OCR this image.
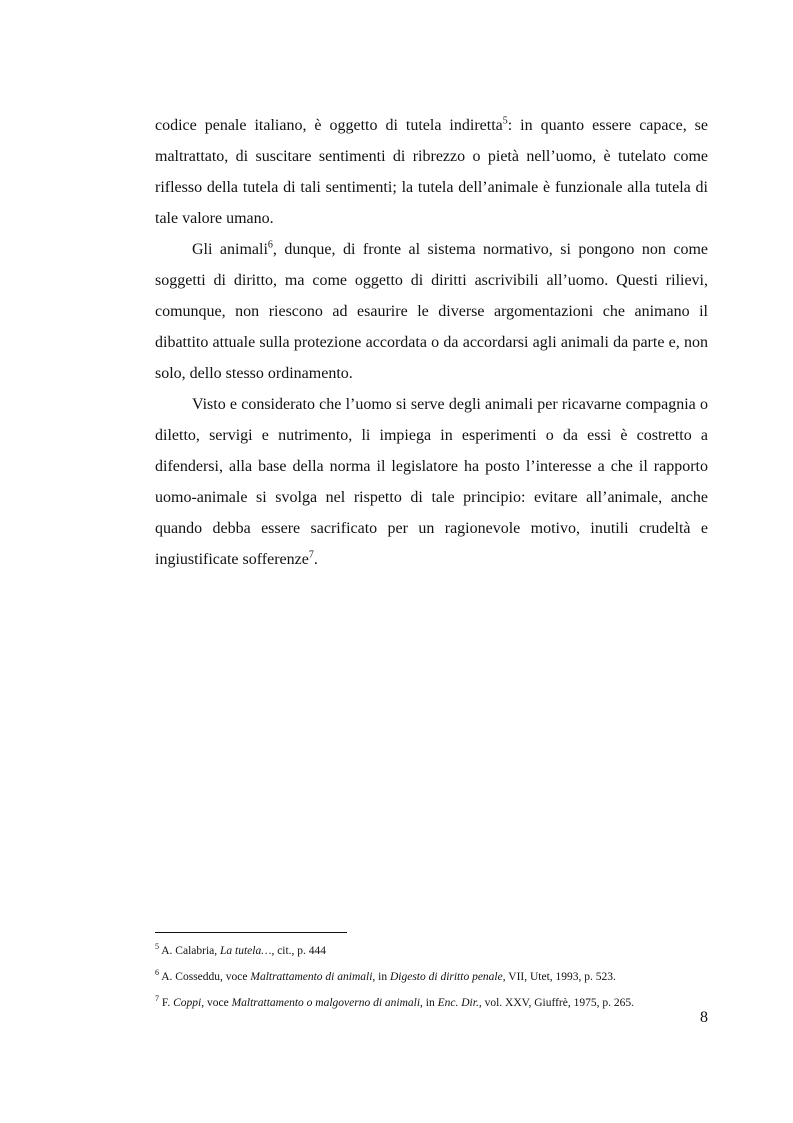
codice penale italiano, è oggetto di tutela indiretta$^5$: in quanto essere capace, se maltrattato, di suscitare sentimenti di ribrezzo o pietà nell’uomo, è tutelato come riflesso della tutela di tali sentimenti; la tutela dell’animale è funzionale alla tutela di tale valore umano.

Gli animali$^6$, dunque, di fronte al sistema normativo, si pongono non come soggetti di diritto, ma come oggetto di diritti ascrivibili all’uomo. Questi rilievi, comunque, non riescono ad esaurire le diverse argomentazioni che animano il dibattito attuale sulla protezione accordata o da accordarsi agli animali da parte e, non solo, dello stesso ordinamento.

Visto e considerato che l’uomo si serve degli animali per ricavarne compagnia o diletto, servigi e nutrimento, li impiega in esperimenti o da essi è costretto a difendersi, alla base della norma il legislatore ha posto l’interesse a che il rapporto uomo-animale si svolga nel rispetto di tale principio: evitare all’animale, anche quando debba essere sacrificato per un ragionevole motivo, inutili crudeltà e ingiustificate sofferenze$^7$.

$^5$ A. Calabria, La tutela…, cit., p. 444

$^6$ A. Cosseddu, voce Maltrattamento di animali, in Digesto di diritto penale, VII, Utet, 1993, p. 523.

$^7$ F. Coppi, voce Maltrattamento o malgoverno di animali, in Enc. Dir., vol. XXV, Giuffrè, 1975, p. 265.

8
